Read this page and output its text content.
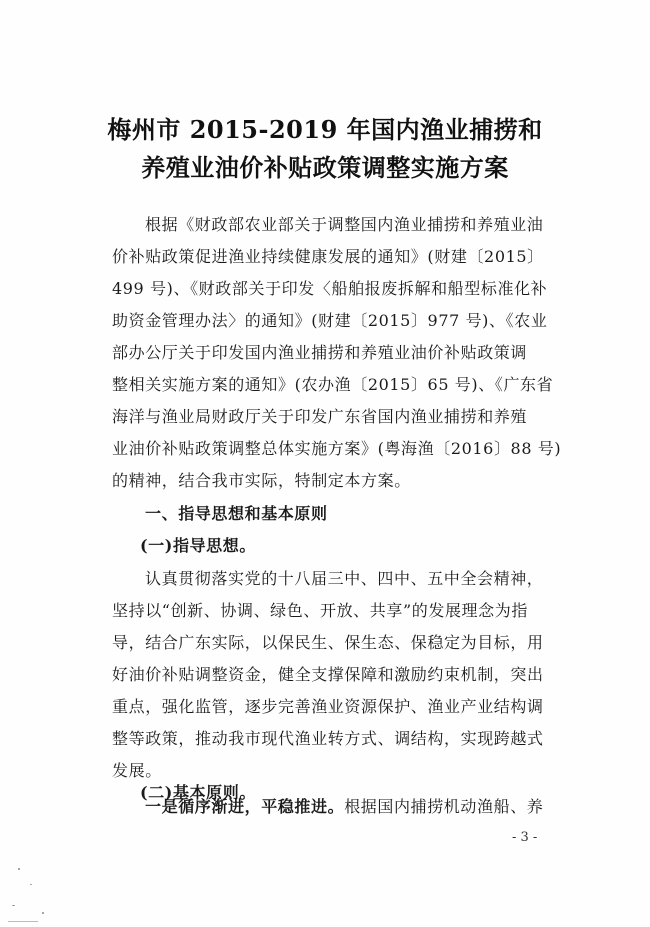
梅州市 2015-2019 年国内渔业捕捞和
养殖业油价补贴政策调整实施方案
根据《财政部农业部关于调整国内渔业捕捞和养殖业油
价补贴政策促进渔业持续健康发展的通知》(财建〔2015〕
499 号)、《财政部关于印发〈船舶报废拆解和船型标准化补
助资金管理办法〉的通知》(财建〔2015〕977 号)、《农业
部办公厅关于印发国内渔业捕捞和养殖业油价补贴政策调
整相关实施方案的通知》(农办渔〔2015〕65 号)、《广东省
海洋与渔业局财政厅关于印发广东省国内渔业捕捞和养殖
业油价补贴政策调整总体实施方案》(粤海渔〔2016〕88 号)
的精神，结合我市实际，特制定本方案。
一、指导思想和基本原则
(一)指导思想。
认真贯彻落实党的十八届三中、四中、五中全会精神，
坚持以“创新、协调、绿色、开放、共享”的发展理念为指
导，结合广东实际，以保民生、保生态、保稳定为目标，用
好油价补贴调整资金，健全支撑保障和激励约束机制，突出
重点，强化监管，逐步完善渔业资源保护、渔业产业结构调
整等政策，推动我市现代渔业转方式、调结构，实现跨越式
发展。
(二)基本原则。
一是循序渐进，平稳推进。根据国内捕捞机动渔船、养
- 3 -
